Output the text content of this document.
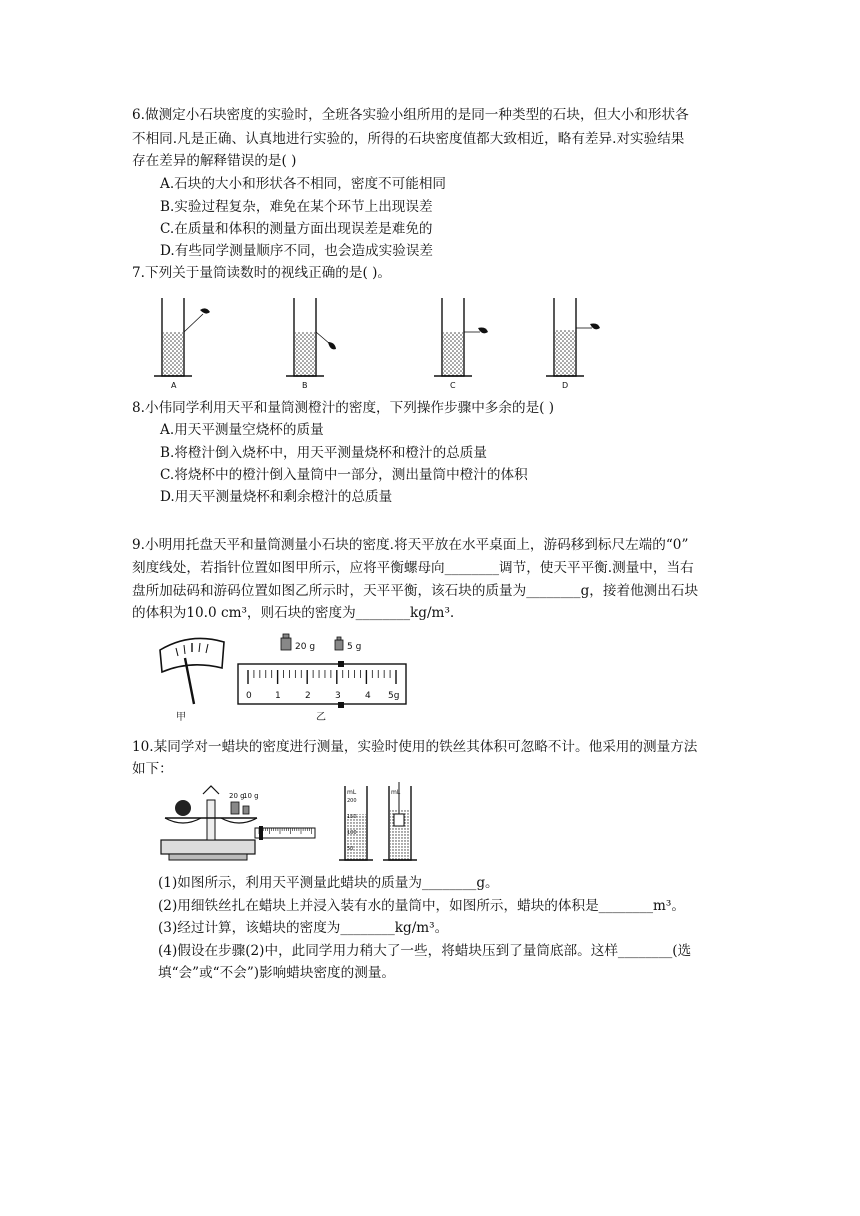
6.做测定小石块密度的实验时，全班各实验小组所用的是同一种类型的石块，但大小和形状各
不相同.凡是正确、认真地进行实验的，所得的石块密度值都大致相近，略有差异.对实验结果
存在差异的解释错误的是( )
A.石块的大小和形状各不相同，密度不可能相同
B.实验过程复杂，难免在某个环节上出现误差
C.在质量和体积的测量方面出现误差是难免的
D.有些同学测量顺序不同，也会造成实验误差
7.下列关于量筒读数时的视线正确的是( )。
A	B	C	D
8.小伟同学利用天平和量筒测橙汁的密度，下列操作步骤中多余的是( )
A.用天平测量空烧杯的质量
B.将橙汁倒入烧杯中，用天平测量烧杯和橙汁的总质量
C.将烧杯中的橙汁倒入量筒中一部分，测出量筒中橙汁的体积
D.用天平测量烧杯和剩余橙汁的总质量
9.小明用托盘天平和量筒测量小石块的密度.将天平放在水平桌面上，游码移到标尺左端的“0”
刻度线处，若指针位置如图甲所示，应将平衡螺母向________调节，使天平平衡.测量中，当右
盘所加砝码和游码位置如图乙所示时，天平平衡，该石块的质量为________g，接着他测出石块
的体积为10.0 cm³，则石块的密度为________kg/m³.
甲
20 g	5 g
0	1	2	3	4 5g
乙
10.某同学对一蜡块的密度进行测量，实验时使用的铁丝其体积可忽略不计。他采用的测量方法
如下：
20 g
10 g	mL
200
150
100
50
mL
(1)如图所示，利用天平测量此蜡块的质量为________g。
(2)用细铁丝扎在蜡块上并浸入装有水的量筒中，如图所示，蜡块的体积是________m³。
(3)经过计算，该蜡块的密度为________kg/m³。
(4)假设在步骤(2)中，此同学用力稍大了一些，将蜡块压到了量筒底部。这样________(选
填“会”或“不会”)影响蜡块密度的测量。
